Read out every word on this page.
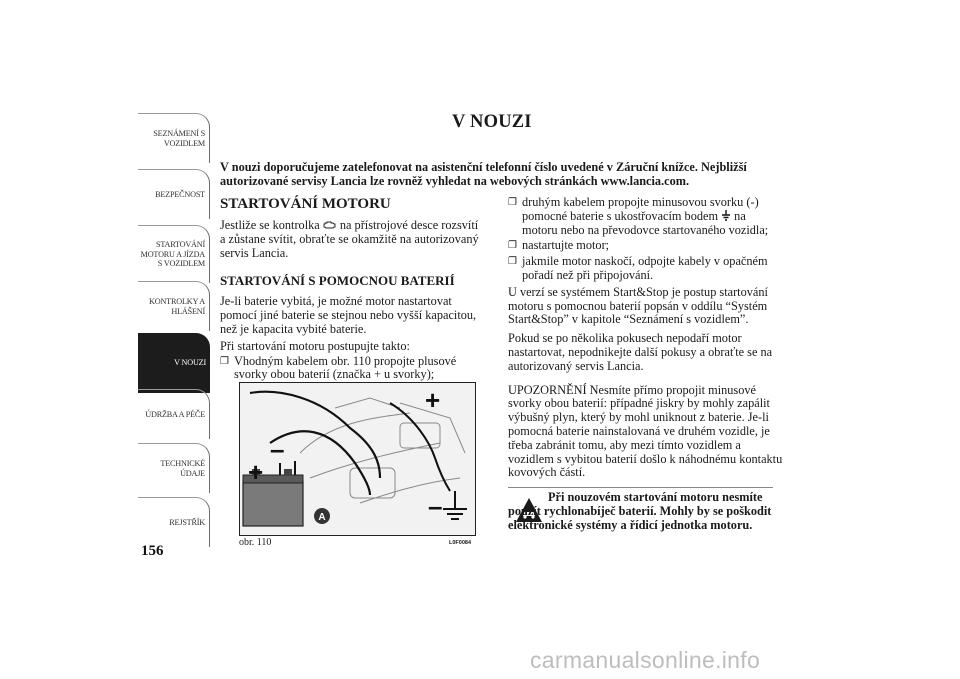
SEZNÁMENÍ S
VOZIDLEM
BEZPEČNOST
STARTOVÁNÍ
MOTORU A JÍZDA
S VOZIDLEM
KONTROLKY A
HLÁŠENÍ
V NOUZI
ÚDRŽBA A PÉČE
TECHNICKÉ
ÚDAJE
REJSTŘÍK
156
V NOUZI
V nouzi doporučujeme zatelefonovat na asistenční telefonní číslo uvedené v Záruční knížce. Nejbližší autorizované servisy Lancia lze rovněž vyhledat na webových stránkách www.lancia.com.
STARTOVÁNÍ MOTORU

Jestliže se kontrolka na přístrojové desce rozsvítí a zůstane svítit, obraťte se okamžitě na autorizovaný servis Lancia.

STARTOVÁNÍ S POMOCNOU BATERIÍ

Je-li baterie vybitá, je možné motor nastartovat pomocí jiné baterie se stejnou nebo vyšší kapacitou, než je kapacita vybité baterie.

Při startování motoru postupujte takto:

❐ Vhodným kabelem obr. 110 propojte plusové svorky obou baterií (značka + u svorky);
A
+
–
+
–
obr. 110	L0F0084
❐ druhým kabelem propojte minusovou svorku (-) pomocné baterie s ukostřovacím bodem na motoru nebo na převodovce startovaného vozidla;
❐ nastartujte motor;
❐ jakmile motor naskočí, odpojte kabely v opačném pořadí než při připojování.

U verzí se systémem Start&Stop je postup startování motoru s pomocnou baterií popsán v oddílu “Systém Start&Stop” v kapitole “Seznámení s vozidlem”.

Pokud se po několika pokusech nepodaří motor nastartovat, nepodnikejte další pokusy a obraťte se na autorizovaný servis Lancia.

UPOZORNĚNÍ Nesmíte přímo propojit minusové svorky obou baterií: případné jiskry by mohly zapálit výbušný plyn, který by mohl uniknout z baterie. Je-li pomocná baterie nainstalovaná ve druhém vozidle, je třeba zabránit tomu, aby mezi tímto vozidlem a vozidlem s vybitou baterií došlo k náhodnému kontaktu kovových částí.

Při nouzovém startování motoru nesmíte použít rychlonabíječ baterií. Mohly by se poškodit elektronické systémy a řídicí jednotka motoru.
carmanualsonline.info
